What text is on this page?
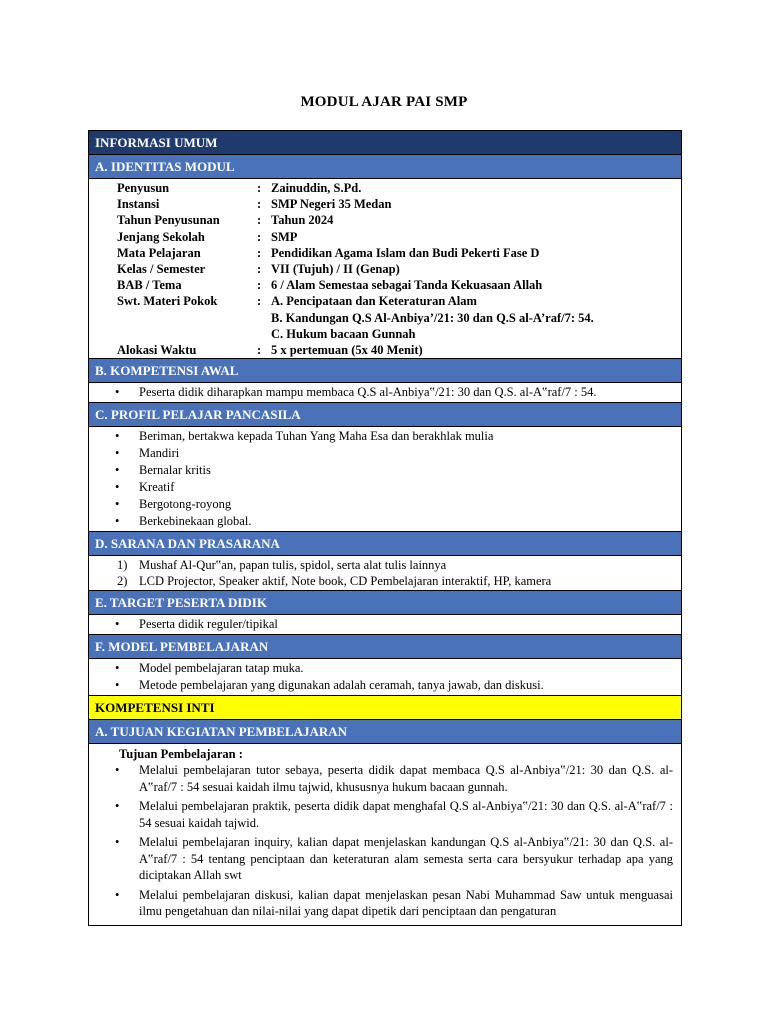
MODUL AJAR PAI SMP
INFORMASI UMUM
A. IDENTITAS MODUL
Penyusun	: Zainuddin, S.Pd.
Instansi	: SMP Negeri 35 Medan
Tahun Penyusunan	: Tahun 2024
Jenjang Sekolah	: SMP
Mata Pelajaran	: Pendidikan Agama Islam dan Budi Pekerti Fase D
Kelas / Semester	: VII (Tujuh) / II (Genap)
BAB / Tema	: 6 / Alam Semestaa sebagai Tanda Kekuasaan Allah
Swt. Materi Pokok	: A. Pencipataan dan Keteraturan Alam
B. Kandungan Q.S Al-Anbiya’/21: 30 dan Q.S al-A’raf/7: 54.
C. Hukum bacaan Gunnah
Alokasi Waktu	: 5 x pertemuan (5x 40 Menit)
B. KOMPETENSI AWAL
• Peserta didik diharapkan mampu membaca Q.S al-Anbiya‟/21: 30 dan Q.S. al-A‟raf/7 : 54.
C. PROFIL PELAJAR PANCASILA
• Beriman, bertakwa kepada Tuhan Yang Maha Esa dan berakhlak mulia
• Mandiri
• Bernalar kritis
• Kreatif
• Bergotong-royong
• Berkebinekaan global.
D. SARANA DAN PRASARANA
1) Mushaf Al-Qur‟an, papan tulis, spidol, serta alat tulis lainnya
2) LCD Projector, Speaker aktif, Note book, CD Pembelajaran interaktif, HP, kamera
E. TARGET PESERTA DIDIK
• Peserta didik reguler/tipikal
F. MODEL PEMBELAJARAN
• Model pembelajaran tatap muka.
• Metode pembelajaran yang digunakan adalah ceramah, tanya jawab, dan diskusi.
KOMPETENSI INTI
A. TUJUAN KEGIATAN PEMBELAJARAN
Tujuan Pembelajaran :
• Melalui pembelajaran tutor sebaya, peserta didik dapat membaca Q.S al-Anbiya‟/21: 30 dan Q.S. al-A‟raf/7 : 54 sesuai kaidah ilmu tajwid, khususnya hukum bacaan gunnah.
• Melalui pembelajaran praktik, peserta didik dapat menghafal Q.S al-Anbiya‟/21: 30 dan Q.S. al-A‟raf/7 : 54 sesuai kaidah tajwid.
• Melalui pembelajaran inquiry, kalian dapat menjelaskan kandungan Q.S al-Anbiya‟/21: 30 dan Q.S. al-A‟raf/7 : 54 tentang penciptaan dan keteraturan alam semesta serta cara bersyukur terhadap apa yang diciptakan Allah swt
• Melalui pembelajaran diskusi, kalian dapat menjelaskan pesan Nabi Muhammad Saw untuk menguasai ilmu pengetahuan dan nilai-nilai yang dapat dipetik dari penciptaan dan pengaturan
